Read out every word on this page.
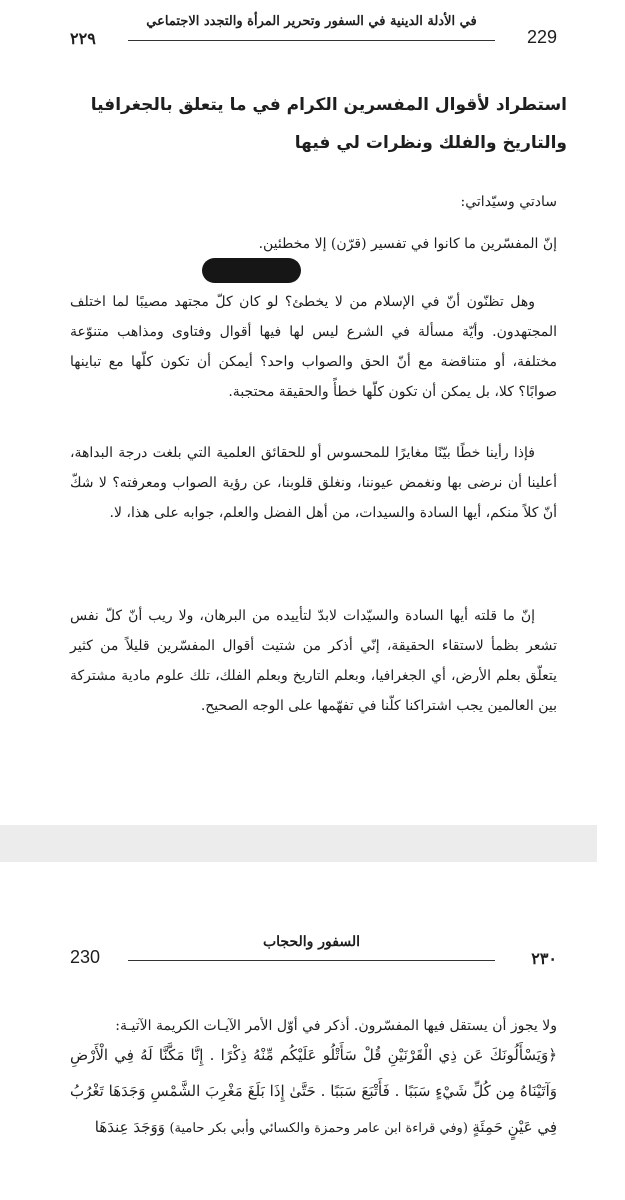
في الأدلة الدينية في السفور وتحرير المرأة والتجدد الاجتماعي
٢٢٩	229
استطراد لأقوال المفسرين الكرام في ما يتعلق بالجغرافيا والتاريخ والفلك ونظرات لي فيها
سادتي وسيّداتي:
إنّ المفسّرين ما كانوا في تفسير (قرّن) إلا مخطئين.
وهل تظنّون أنّ في الإسلام من لا يخطئ؟ لو كان كلّ مجتهد مصيبًا لما اختلف المجتهدون. وأيّة مسألة في الشرع ليس لها فيها أقوال وفتاوى ومذاهب متنوّعة مختلفة، أو متناقضة مع أنّ الحق والصواب واحد؟ أيمكن أن تكون كلّها مع تباينها صوابًا؟ كلا، بل يمكن أن تكون كلّها خطأً والحقيقة محتجبة.
فإذا رأينا خطًا بيّنًا مغايرًا للمحسوس أو للحقائق العلمية التي بلغت درجة البداهة، أعلينا أن نرضى بها ونغمض عيوننا، ونغلق قلوبنا، عن رؤية الصواب ومعرفته؟ لا شكّ أنّ كلاً منكم، أيها السادة والسيدات، من أهل الفضل والعلم، جوابه على هذا، لا.
إنّ ما قلته أيها السادة والسيّدات لابدّ لتأييده من البرهان، ولا ريب أنّ كلّ نفس تشعر بظمأ لاستقاء الحقيقة، إنّي أذكر من شتيت أقوال المفسّرين قليلاً من كثير يتعلّق بعلم الأرض، أي الجغرافيا، وبعلم التاريخ وبعلم الفلك، تلك علوم مادية مشتركة بين العالمين يجب اشتراكنا كلّنا في تفهّمها على الوجه الصحيح.
السفور والحجاب
٢٣٠
230
ولا يجوز أن يستقل فيها المفسّرون. أذكر في أوّل الأمر الآيـات الكريمة الآتيـة:
﴿وَيَسْأَلُونَكَ عَن ذِي الْقَرْنَيْنِ قُلْ سَأَتْلُو عَلَيْكُم مِّنْهُ ذِكْرًا . إِنَّا مَكَّنَّا لَهُ فِي الْأَرْضِ وَآتَيْنَاهُ مِن كُلِّ شَيْءٍ سَبَبًا . فَأَتْبَعَ سَبَبًا . حَتَّىٰ إِذَا بَلَغَ مَغْرِبَ الشَّمْسِ وَجَدَهَا تَغْرُبُ فِي عَيْنٍ حَمِئَةٍ (وفي قراءة ابن عامر وحمزة والكسائي وأبي بكر حامية) وَوَجَدَ عِندَهَا
